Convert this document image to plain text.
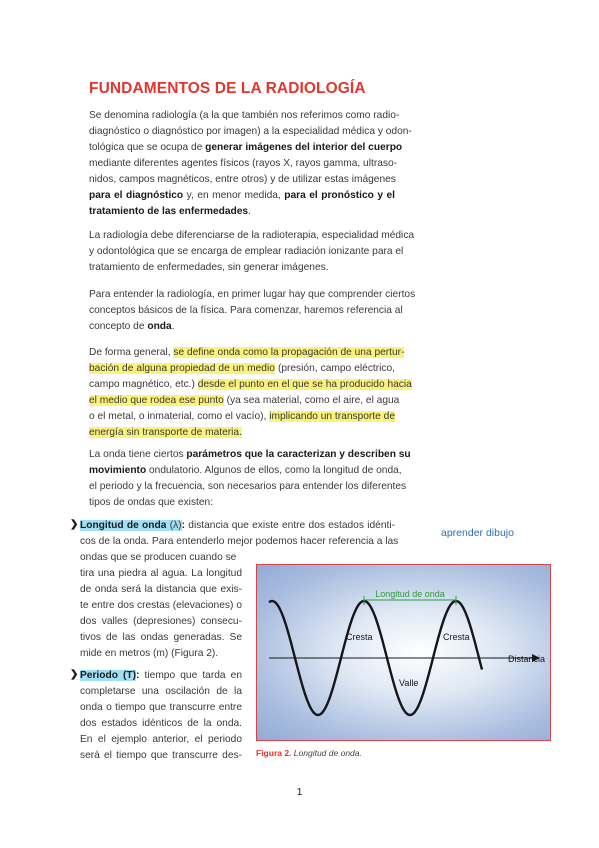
FUNDAMENTOS DE LA RADIOLOGÍA
Se denomina radiología (a la que también nos referimos como radio-
diagnóstico o diagnóstico por imagen) a la especialidad médica y odon-
tológica que se ocupa de generar imágenes del interior del cuerpo
mediante diferentes agentes físicos (rayos X, rayos gamma, ultraso-
nidos, campos magnéticos, entre otros) y de utilizar estas imágenes
para el diagnóstico y, en menor medida, para el pronóstico y el
tratamiento de las enfermedades.
La radiología debe diferenciarse de la radioterapia, especialidad médica
y odontológica que se encarga de emplear radiación ionizante para el
tratamiento de enfermedades, sin generar imágenes.
Para entender la radiología, en primer lugar hay que comprender ciertos
conceptos básicos de la física. Para comenzar, haremos referencia al
concepto de onda.
De forma general, se define onda como la propagación de una pertur-
bación de alguna propiedad de un medio (presión, campo eléctrico,
campo magnético, etc.) desde el punto en el que se ha producido hacia
el medio que rodea ese punto (ya sea material, como el aire, el agua
o el metal, o inmaterial, como el vacío), implicando un transporte de
energía sin transporte de materia.
La onda tiene ciertos parámetros que la caracterizan y describen su
movimiento ondulatorio. Algunos de ellos, como la longitud de onda,
el periodo y la frecuencia, son necesarios para entender los diferentes
tipos de ondas que existen:
❯ Longitud de onda (λ): distancia que existe entre dos estados idénti-
cos de la onda. Para entenderlo mejor podemos hacer referencia a las
ondas que se producen cuando se
tira una piedra al agua. La longitud
de onda será la distancia que exis-
te entre dos crestas (elevaciones) o
dos valles (depresiones) consecu-
tivos de las ondas generadas. Se
mide en metros (m) (Figura 2).
❯ Periodo (T): tiempo que tarda en
completarse una oscilación de la
onda o tiempo que transcurre entre
dos estados idénticos de la onda.
En el ejemplo anterior, el periodo
será el tiempo que transcurre des-
aprender dibujo
Longitud de onda
Cresta	Cresta
Valle
Distancia
Figura 2. Longitud de onda.
1
